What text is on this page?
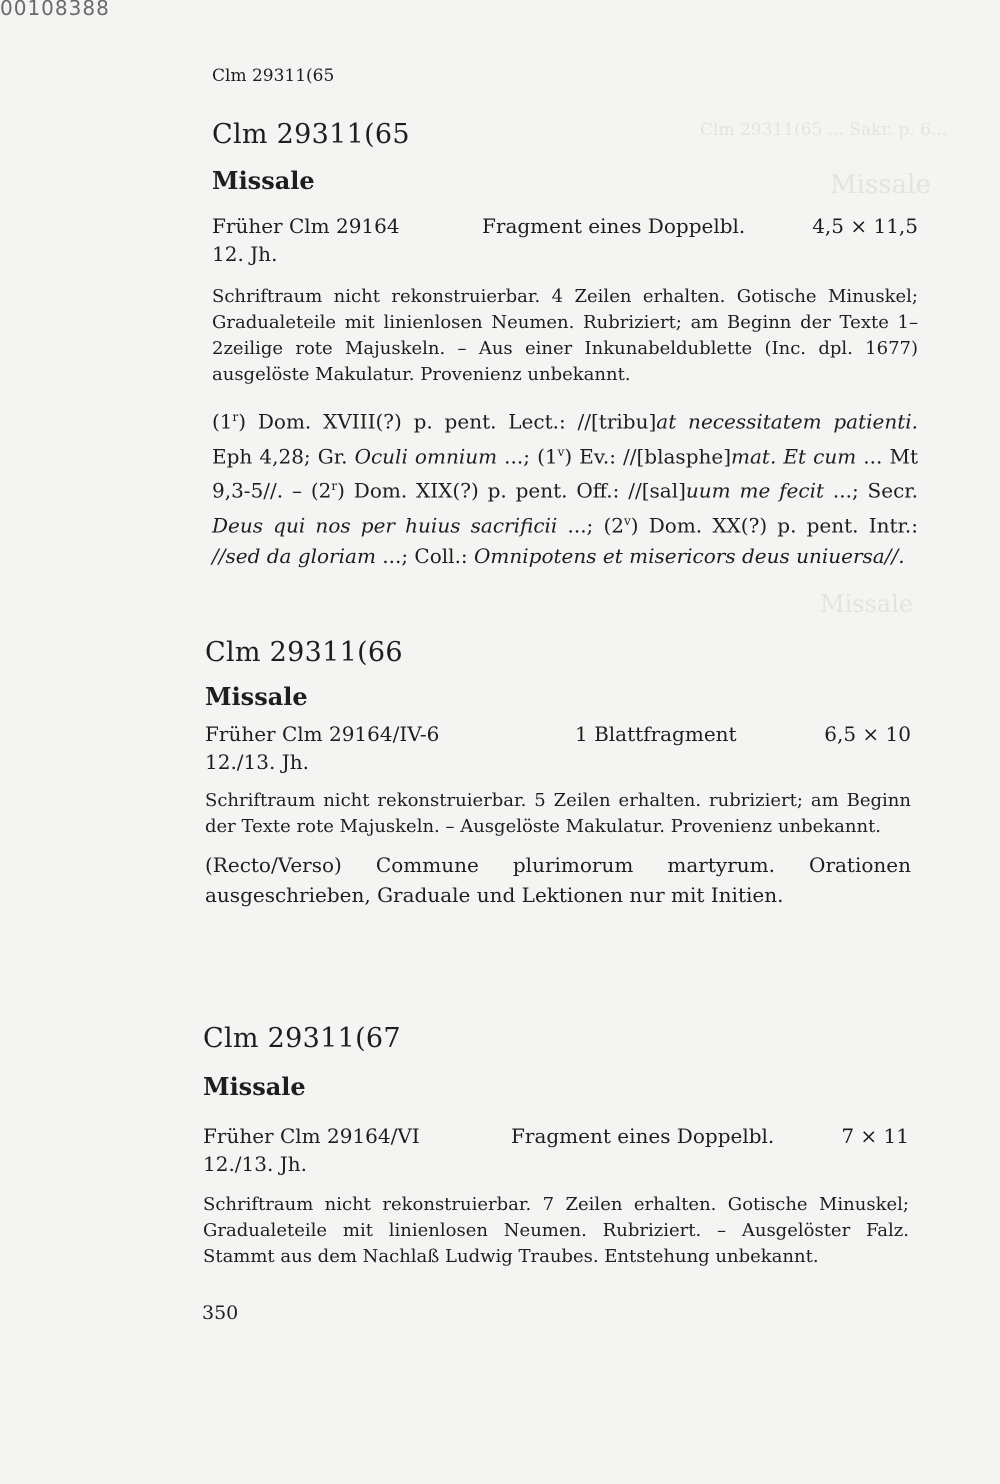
00108388
Clm 29311(65 ... Sakr. p. 6...
Missale
Missale
Clm 29311(65
Clm 29311(65
Missale
Früher Clm 29164	Fragment eines Doppelbl.	4,5 × 11,5
12. Jh.

Schriftraum nicht rekonstruierbar. 4 Zeilen erhalten. Gotische Minuskel; Gradualeteile mit linienlosen Neumen. Rubriziert; am Beginn der Texte 1–2zeilige rote Majuskeln. – Aus einer Inkunabeldublette (Inc. dpl. 1677) ausgelöste Makulatur. Provenienz unbekannt.

(1$^r$) Dom. XVIII(?) p. pent. Lect.: //[tribu]at necessitatem patienti. Eph 4,28; Gr. Oculi omnium ...; (1$^v$) Ev.: //[blasphe]mat. Et cum ... Mt 9,3-5//. – (2$^r$) Dom. XIX(?) p. pent. Off.: //[sal]uum me fecit ...; Secr. Deus qui nos per huius sacrificii ...; (2$^v$) Dom. XX(?) p. pent. Intr.: //sed da gloriam ...; Coll.: Omnipotens et misericors deus uniuersa//.

Clm 29311(66
Missale
Früher Clm 29164/IV-6	1 Blattfragment	6,5 × 10
12./13. Jh.

Schriftraum nicht rekonstruierbar. 5 Zeilen erhalten. rubriziert; am Beginn der Texte rote Majuskeln. – Ausgelöste Makulatur. Provenienz unbekannt.

(Recto/Verso) Commune plurimorum martyrum. Orationen ausgeschrieben, Graduale und Lektionen nur mit Initien.

Clm 29311(67
Missale
Früher Clm 29164/VI	Fragment eines Doppelbl.	7 × 11
12./13. Jh.

Schriftraum nicht rekonstruierbar. 7 Zeilen erhalten. Gotische Minuskel; Gradualeteile mit linienlosen Neumen. Rubriziert. – Ausgelöster Falz. Stammt aus dem Nachlaß Ludwig Traubes. Entstehung unbekannt.

350
